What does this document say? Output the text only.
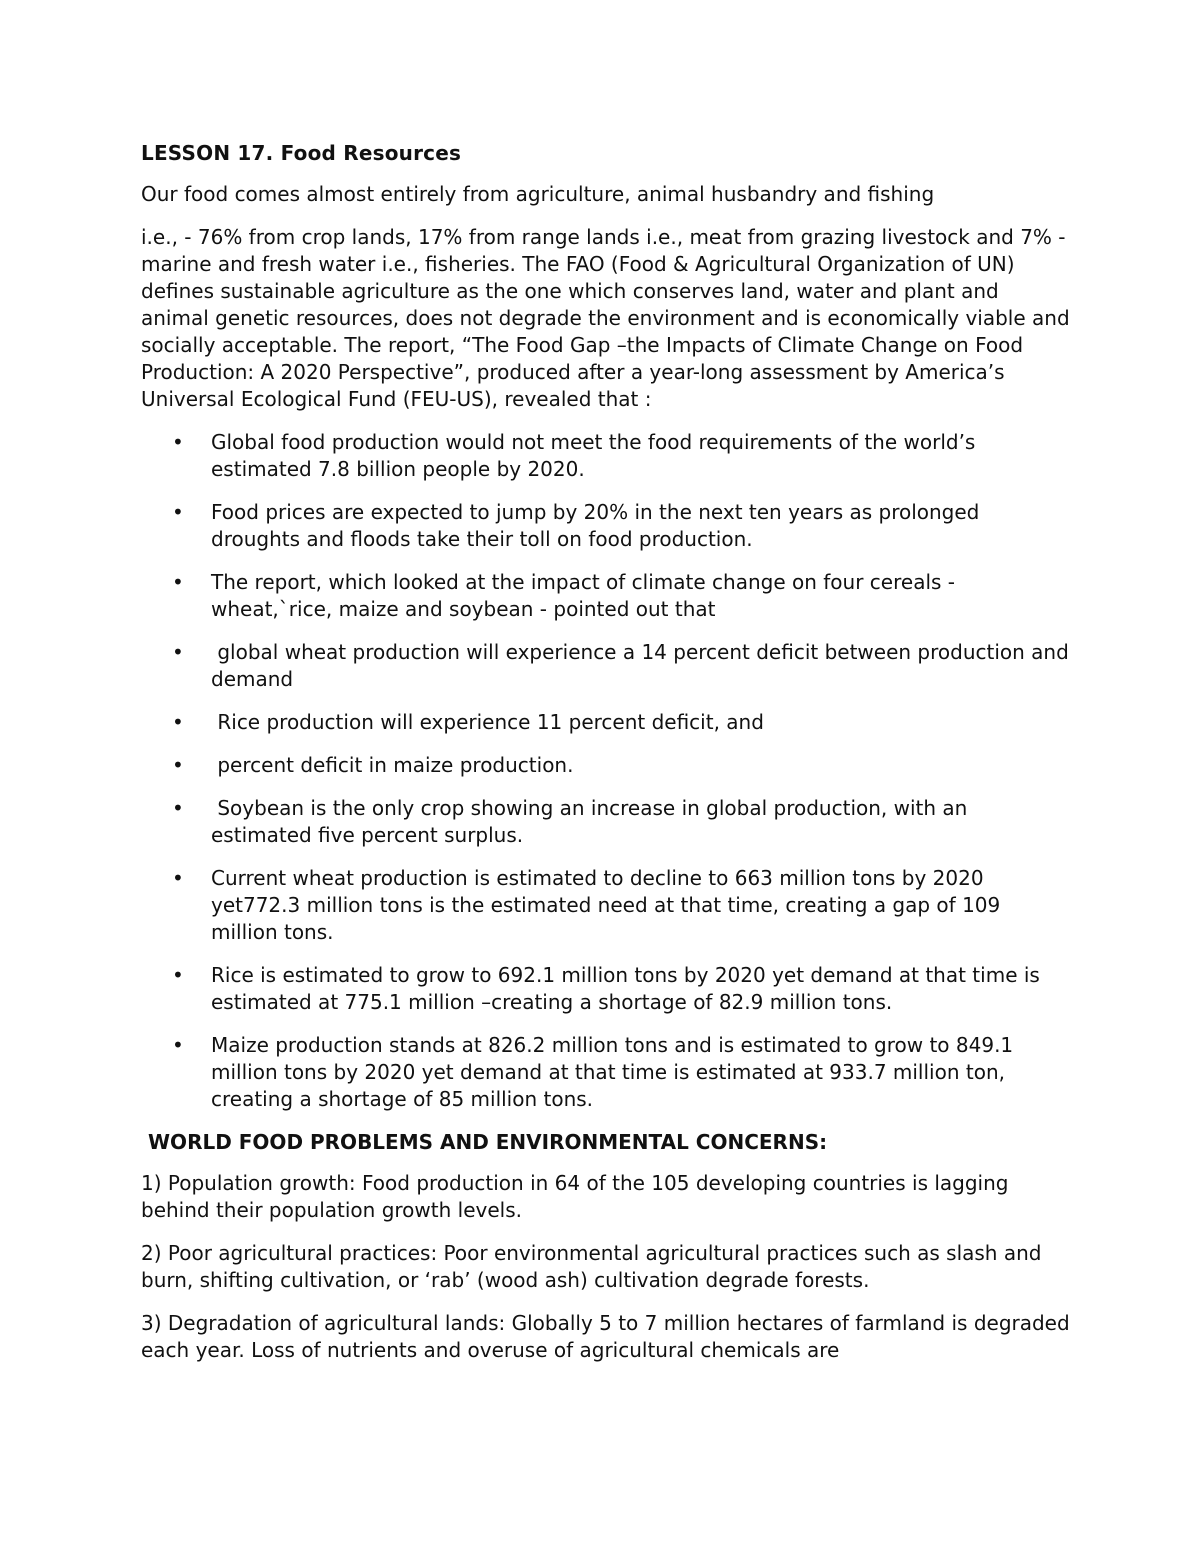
LESSON 17. Food Resources

Our food comes almost entirely from agriculture, animal husbandry and fishing

i.e., - 76% from crop lands, 17% from range lands i.e., meat from grazing livestock and 7% - marine and fresh water i.e., fisheries. The FAO (Food & Agricultural Organization of UN) defines sustainable agriculture as the one which conserves land, water and plant and animal genetic resources, does not degrade the environment and is economically viable and socially acceptable. The report, “The Food Gap –the Impacts of Climate Change on Food Production: A 2020 Perspective”, produced after a year-long assessment by America’s Universal Ecological Fund (FEU-US), revealed that :

• Global food production would not meet the food requirements of the world’s estimated 7.8 billion people by 2020.
• Food prices are expected to jump by 20% in the next ten years as prolonged droughts and floods take their toll on food production.
• The report, which looked at the impact of climate change on four cereals - wheat,`rice, maize and soybean - pointed out that
• global wheat production will experience a 14 percent deficit between production and demand
• Rice production will experience 11 percent deficit, and
• percent deficit in maize production.
• Soybean is the only crop showing an increase in global production, with an estimated five percent surplus.
• Current wheat production is estimated to decline to 663 million tons by 2020 yet772.3 million tons is the estimated need at that time, creating a gap of 109 million tons.
• Rice is estimated to grow to 692.1 million tons by 2020 yet demand at that time is estimated at 775.1 million –creating a shortage of 82.9 million tons.
• Maize production stands at 826.2 million tons and is estimated to grow to 849.1 million tons by 2020 yet demand at that time is estimated at 933.7 million ton, creating a shortage of 85 million tons.

WORLD FOOD PROBLEMS AND ENVIRONMENTAL CONCERNS:

1) Population growth: Food production in 64 of the 105 developing countries is lagging behind their population growth levels.

2) Poor agricultural practices: Poor environmental agricultural practices such as slash and burn, shifting cultivation, or ‘rab’ (wood ash) cultivation degrade forests.

3) Degradation of agricultural lands: Globally 5 to 7 million hectares of farmland is degraded each year. Loss of nutrients and overuse of agricultural chemicals are
